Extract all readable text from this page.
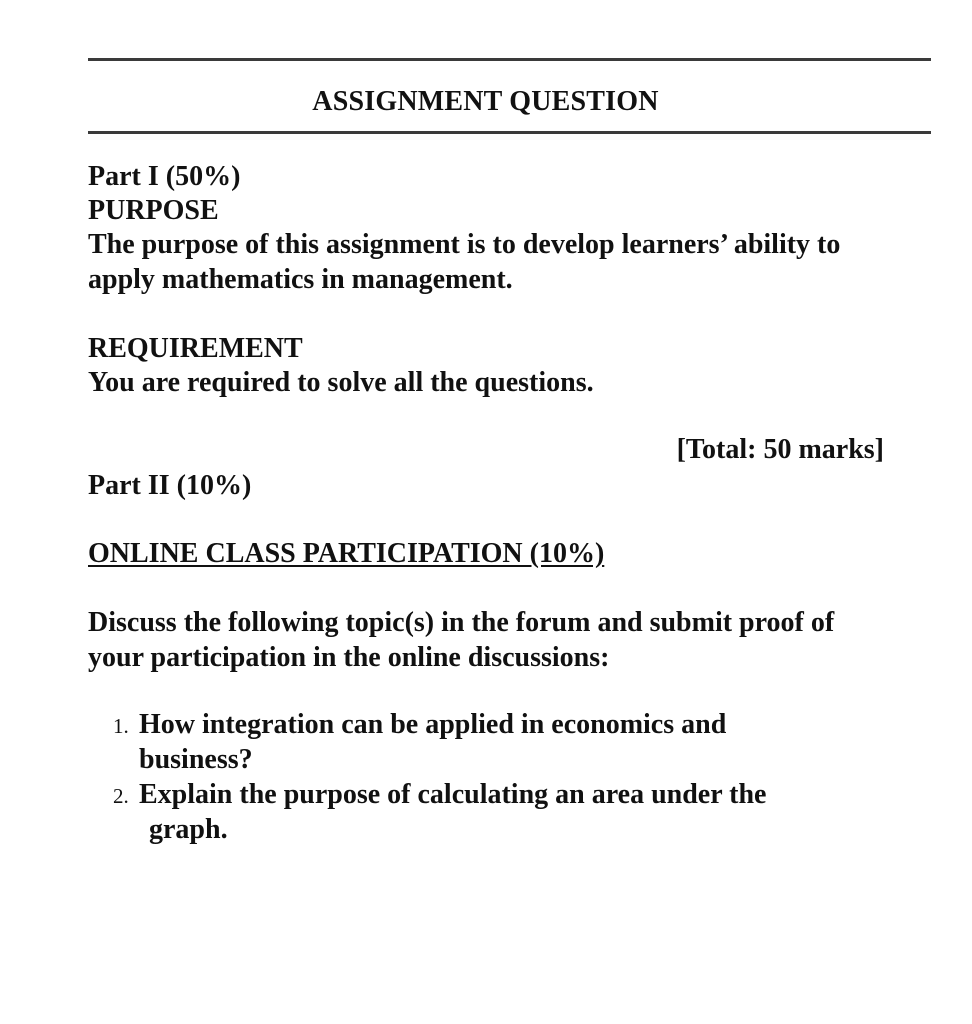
ASSIGNMENT QUESTION
Part I (50%)
PURPOSE
The purpose of this assignment is to develop learners’ ability to
apply mathematics in management.
REQUIREMENT
You are required to solve all the questions.
[Total: 50 marks]
Part II (10%)
ONLINE CLASS PARTICIPATION (10%)
Discuss the following topic(s) in the forum and submit proof of
your participation in the online discussions:
1. How integration can be applied in economics and business?
2. Explain the purpose of calculating an area under the
graph.
